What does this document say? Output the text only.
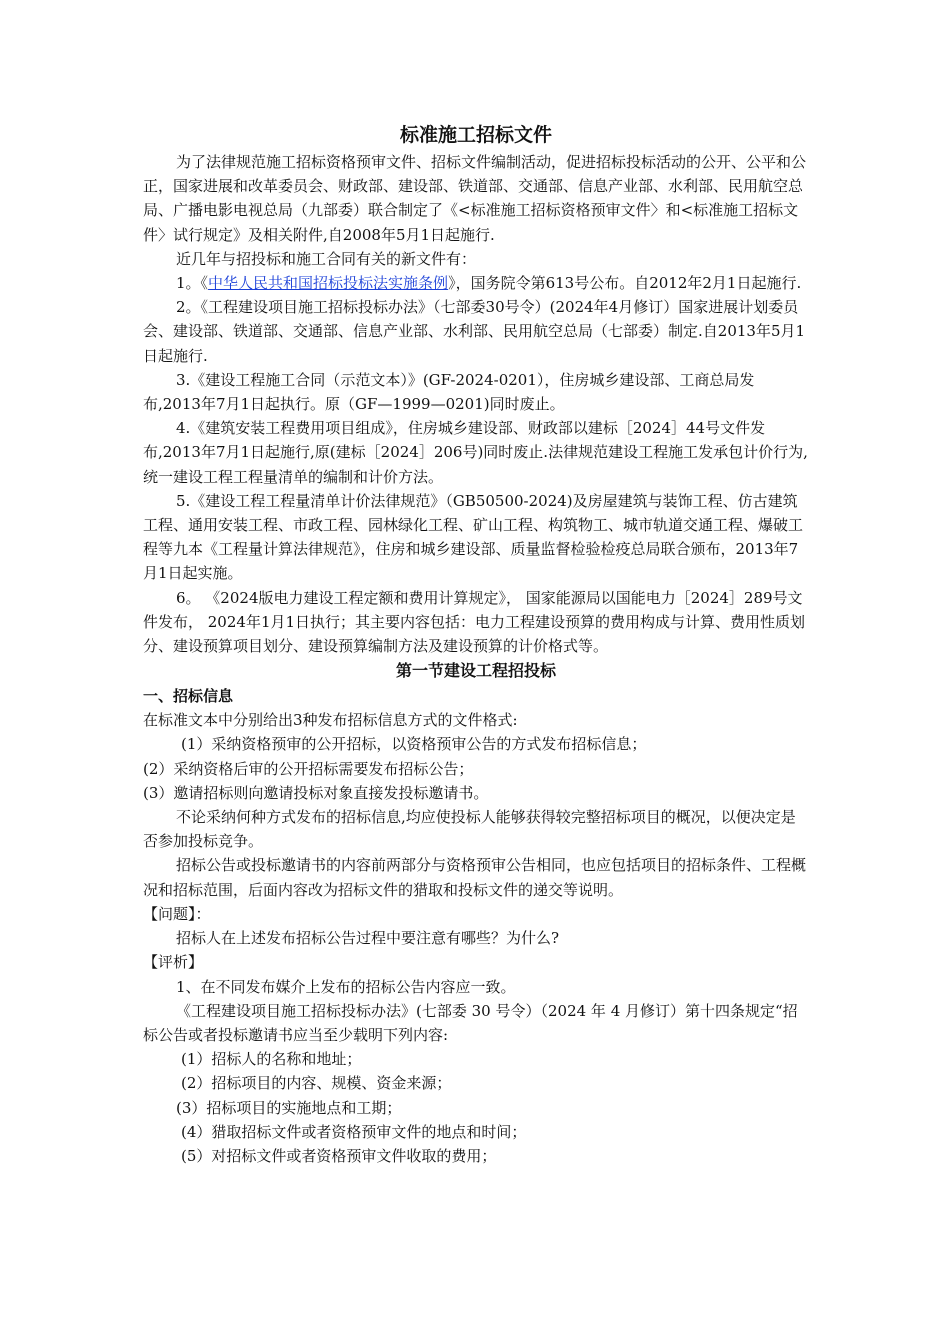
标准施工招标文件

为了法律规范施工招标资格预审文件、招标文件编制活动，促进招标投标活动的公开、公平和公正，国家进展和改革委员会、财政部、建设部、铁道部、交通部、信息产业部、水利部、民用航空总局、广播电影电视总局（九部委）联合制定了《<标准施工招标资格预审文件〉和<标准施工招标文件〉试行规定》及相关附件,自2008年5月1日起施行.

近几年与招投标和施工合同有关的新文件有：

1。《中华人民共和国招标投标法实施条例》，国务院令第613号公布。自2012年2月1日起施行.

2。《工程建设项目施工招标投标办法》（七部委30号令）(2024年4月修订）国家进展计划委员会、建设部、铁道部、交通部、信息产业部、水利部、民用航空总局（七部委）制定.自2013年5月1日起施行.

3.《建设工程施工合同（示范文本）》(GF-2024-0201），住房城乡建设部、工商总局发布,2013年7月1日起执行。原（GF—1999—0201)同时废止。

4.《建筑安装工程费用项目组成》，住房城乡建设部、财政部以建标［2024］44号文件发布,2013年7月1日起施行,原(建标［2024］206号)同时废止.法律规范建设工程施工发承包计价行为,统一建设工程工程量清单的编制和计价方法。

5.《建设工程工程量清单计价法律规范》（GB50500-2024)及房屋建筑与装饰工程、仿古建筑工程、通用安装工程、市政工程、园林绿化工程、矿山工程、构筑物工、城市轨道交通工程、爆破工程等九本《工程量计算法律规范》，住房和城乡建设部、质量监督检验检疫总局联合颁布，2013年7月1日起实施。

6。 《2024版电力建设工程定额和费用计算规定》， 国家能源局以国能电力［2024］289号文件发布， 2024年1月1日执行；其主要内容包括：电力工程建设预算的费用构成与计算、费用性质划分、建设预算项目划分、建设预算编制方法及建设预算的计价格式等。

第一节建设工程招投标
一、招标信息

在标准文本中分别给出3种发布招标信息方式的文件格式:

(1）采纳资格预审的公开招标，以资格预审公告的方式发布招标信息；

(2）采纳资格后审的公开招标需要发布招标公告；

(3）邀请招标则向邀请投标对象直接发投标邀请书。

不论采纳何种方式发布的招标信息,均应使投标人能够获得较完整招标项目的概况，以便决定是否参加投标竞争。

招标公告或投标邀请书的内容前两部分与资格预审公告相同，也应包括项目的招标条件、工程概况和招标范围，后面内容改为招标文件的猎取和投标文件的递交等说明。

【问题】：

招标人在上述发布招标公告过程中要注意有哪些？为什么?

【评析】

1、在不同发布媒介上发布的招标公告内容应一致。

《工程建设项目施工招标投标办法》(七部委 30 号令）（2024 年 4 月修订）第十四条规定“招标公告或者投标邀请书应当至少载明下列内容:

(1）招标人的名称和地址；

(2）招标项目的内容、规模、资金来源；

(3）招标项目的实施地点和工期；

(4）猎取招标文件或者资格预审文件的地点和时间；

(5）对招标文件或者资格预审文件收取的费用；
